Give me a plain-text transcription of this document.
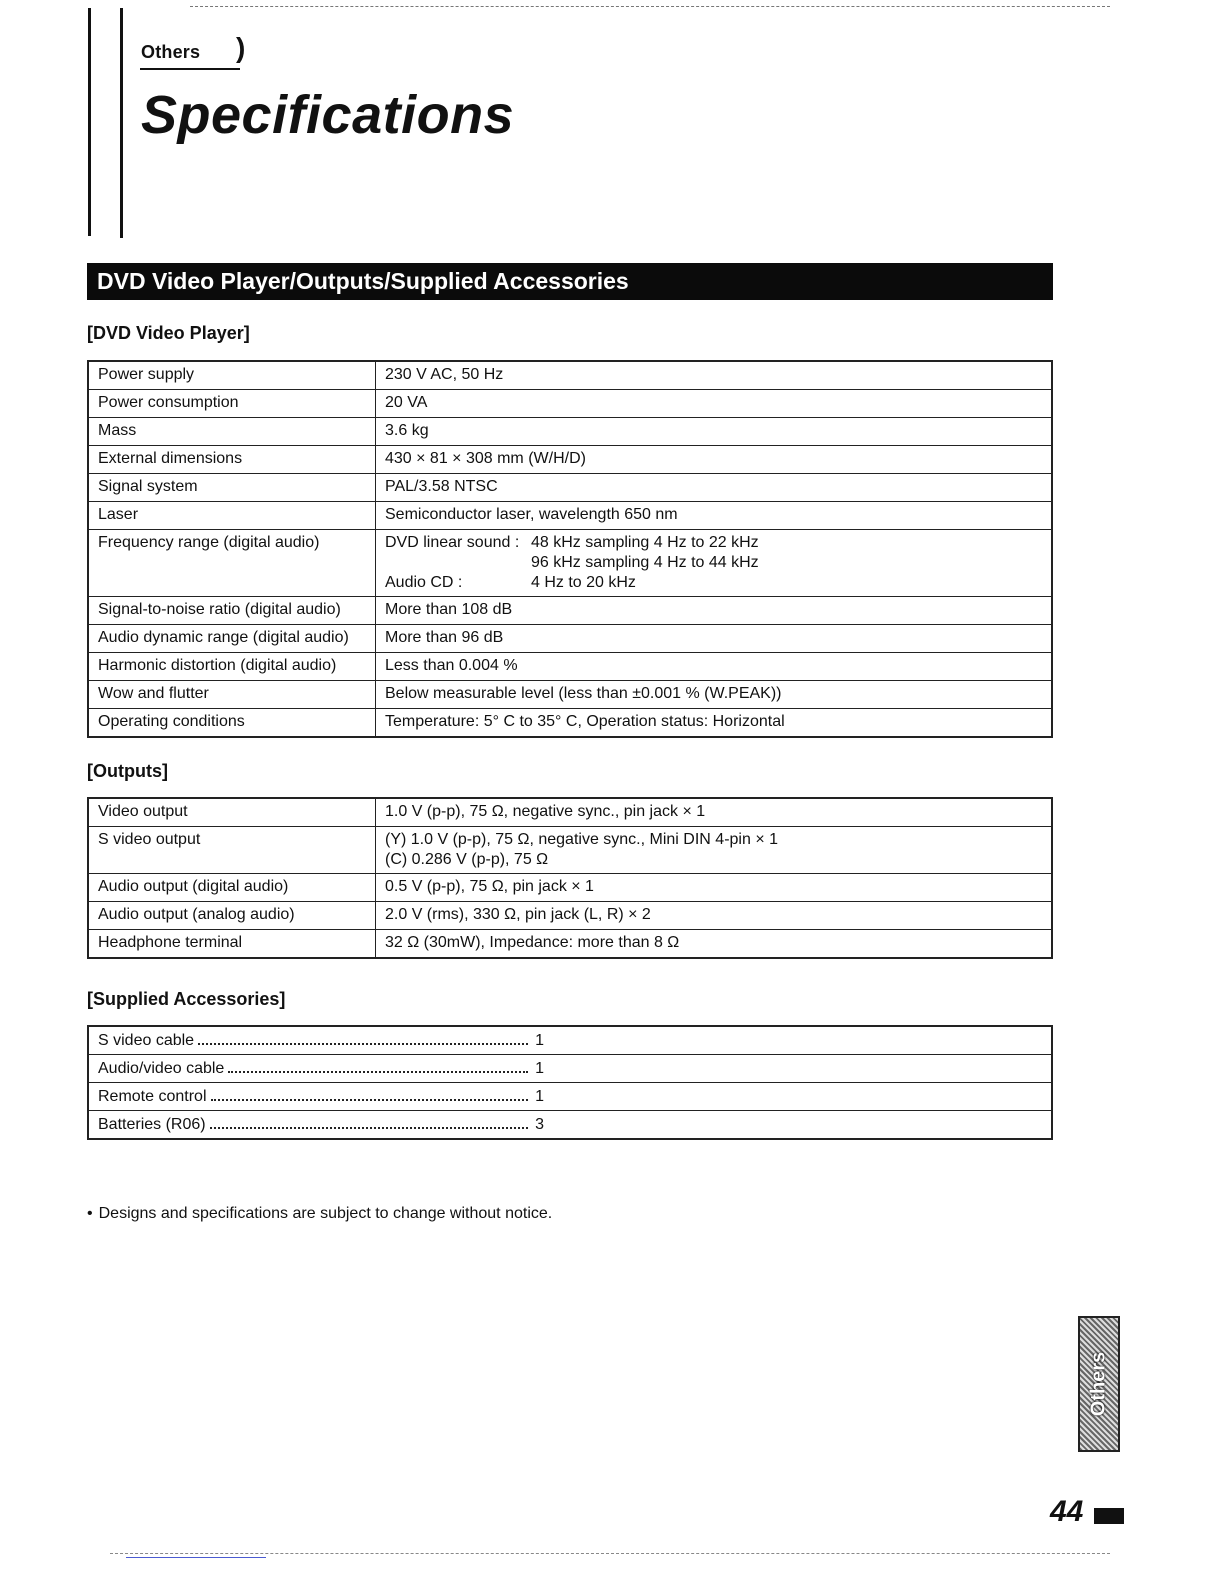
Others )
Specifications
DVD Video Player/Outputs/Supplied Accessories
[DVD Video Player]
Power supply	230 V AC, 50 Hz
Power consumption	20 VA
Mass	3.6 kg
External dimensions	430 × 81 × 308 mm (W/H/D)
Signal system	PAL/3.58 NTSC
Laser	Semiconductor laser, wavelength 650 nm
Frequency range (digital audio)	DVD linear sound : 48 kHz sampling 4 Hz to 22 kHz
96 kHz sampling 4 Hz to 44 kHz
Audio CD : 4 Hz to 20 kHz

Signal-to-noise ratio (digital audio)	More than 108 dB
Audio dynamic range (digital audio)	More than 96 dB
Harmonic distortion (digital audio)	Less than 0.004 %
Wow and flutter	Below measurable level (less than ±0.001 % (W.PEAK))
Operating conditions	Temperature: 5° C to 35° C, Operation status: Horizontal
[Outputs]
Video output	1.0 V (p-p), 75 Ω, negative sync., pin jack × 1
S video output	(Y) 1.0 V (p-p), 75 Ω, negative sync., Mini DIN 4-pin × 1
(C) 0.286 V (p-p), 75 Ω

Audio output (digital audio)	0.5 V (p-p), 75 Ω, pin jack × 1
Audio output (analog audio)	2.0 V (rms), 330 Ω, pin jack (L, R) × 2
Headphone terminal	32 Ω (30mW), Impedance: more than 8 Ω
[Supplied Accessories]
S video cable	1

Audio/video cable	1

Remote control	1

Batteries (R06)	3
• Designs and specifications are subject to change without notice.
Others
44
